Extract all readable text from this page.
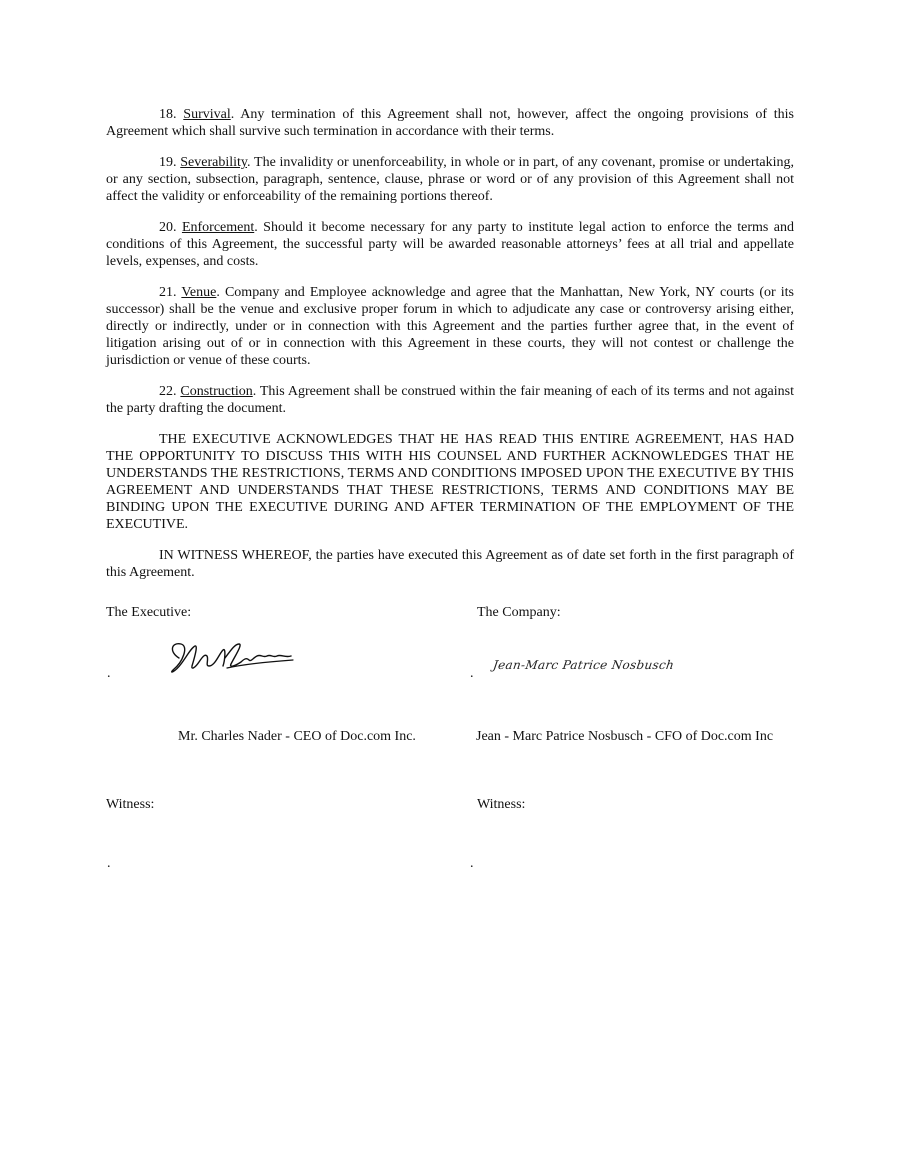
18. Survival. Any termination of this Agreement shall not, however, affect the ongoing provisions of this Agreement which shall survive such termination in accordance with their terms.

19. Severability. The invalidity or unenforceability, in whole or in part, of any covenant, promise or undertaking, or any section, subsection, paragraph, sentence, clause, phrase or word or of any provision of this Agreement shall not affect the validity or enforceability of the remaining portions thereof.

20. Enforcement. Should it become necessary for any party to institute legal action to enforce the terms and conditions of this Agreement, the successful party will be awarded reasonable attorneys’ fees at all trial and appellate levels, expenses, and costs.

21. Venue. Company and Employee acknowledge and agree that the Manhattan, New York, NY courts (or its successor) shall be the venue and exclusive proper forum in which to adjudicate any case or controversy arising either, directly or indirectly, under or in connection with this Agreement and the parties further agree that, in the event of litigation arising out of or in connection with this Agreement in these courts, they will not contest or challenge the jurisdiction or venue of these courts.

22. Construction. This Agreement shall be construed within the fair meaning of each of its terms and not against the party drafting the document.

THE EXECUTIVE ACKNOWLEDGES THAT HE HAS READ THIS ENTIRE AGREEMENT, HAS HAD THE OPPORTUNITY TO DISCUSS THIS WITH HIS COUNSEL AND FURTHER ACKNOWLEDGES THAT HE UNDERSTANDS THE RESTRICTIONS, TERMS AND CONDITIONS IMPOSED UPON THE EXECUTIVE BY THIS AGREEMENT AND UNDERSTANDS THAT THESE RESTRICTIONS, TERMS AND CONDITIONS MAY BE BINDING UPON THE EXECUTIVE DURING AND AFTER TERMINATION OF THE EMPLOYMENT OF THE EXECUTIVE.

IN WITNESS WHEREOF, the parties have executed this Agreement as of date set forth in the first paragraph of this Agreement.

The Executive:	The Company:
.	.
Jean-Marc Patrice Nosbusch
Mr. Charles Nader - CEO of Doc.com Inc.	Jean - Marc Patrice Nosbusch - CFO of Doc.com Inc
Witness:	Witness:
.	.
